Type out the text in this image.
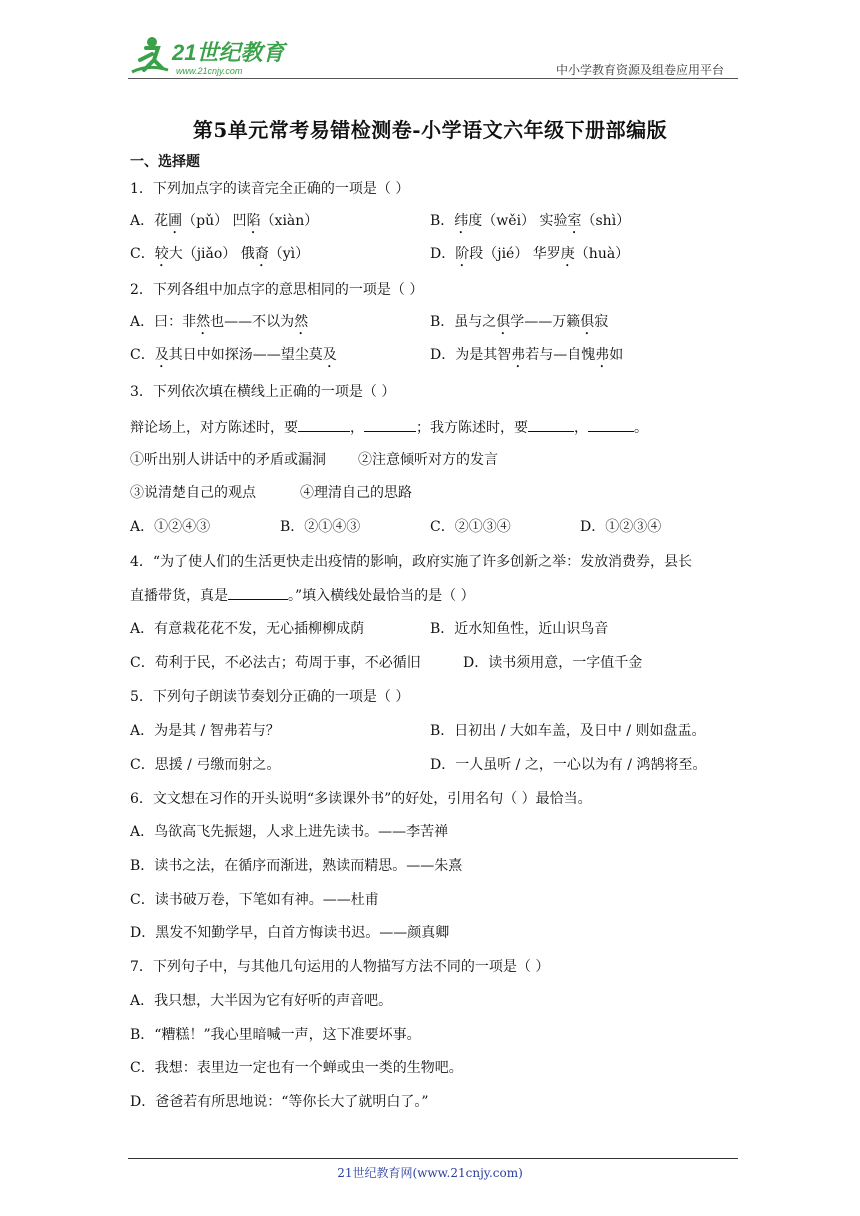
21世纪教育
www.21cnjy.com	中小学教育资源及组卷应用平台
第5单元常考易错检测卷-小学语文六年级下册部编版
一、选择题
1．下列加点字的读音完全正确的一项是（ ）
A．花圃（pǔ） 凹陷（xiàn）	B．纬度（wěi） 实验室（shì）
C．较大（jiǎo） 俄裔（yì）	D．阶段（jié） 华罗庚（huà）
2．下列各组中加点字的意思相同的一项是（ ）
A．曰：非然也——不以为然	B．虽与之俱学——万籁俱寂
C．及其日中如探汤——望尘莫及	D．为是其智弗若与—自愧弗如
3．下列依次填在横线上正确的一项是（ ）
辩论场上，对方陈述时，要	，	；我方陈述时，要	，	。
①听出别人讲话中的矛盾或漏洞 ②注意倾听对方的发言
③说清楚自己的观点	④理清自己的思路
A．①②④③	B．②①④③	C．②①③④	D．①②③④
4．“为了使人们的生活更快走出疫情的影响，政府实施了许多创新之举：发放消费券，县长
直播带货，真是	。”填入横线处最恰当的是（ ）
A．有意栽花花不发，无心插柳柳成荫	B．近水知鱼性，近山识鸟音
C．苟利于民，不必法古；苟周于事，不必循旧	D．读书须用意，一字值千金
5．下列句子朗读节奏划分正确的一项是（ ）
A．为是其 / 智弗若与？	B．日初出 / 大如车盖，及日中 / 则如盘盂。
C．思援 / 弓缴而射之。	D．一人虽听 / 之，一心以为有 / 鸿鹄将至。
6．文文想在习作的开头说明“多读课外书”的好处，引用名句（ ）最恰当。
A．鸟欲高飞先振翅，人求上进先读书。——李苦禅
B．读书之法，在循序而渐进，熟读而精思。——朱熹
C．读书破万卷，下笔如有神。——杜甫
D．黑发不知勤学早，白首方悔读书迟。——颜真卿
7．下列句子中，与其他几句运用的人物描写方法不同的一项是（ ）
A．我只想，大半因为它有好听的声音吧。
B．“糟糕！”我心里暗喊一声，这下准要坏事。
C．我想：表里边一定也有一个蝉或虫一类的生物吧。
D．爸爸若有所思地说：“等你长大了就明白了。”
21世纪教育网(www.21cnjy.com)
